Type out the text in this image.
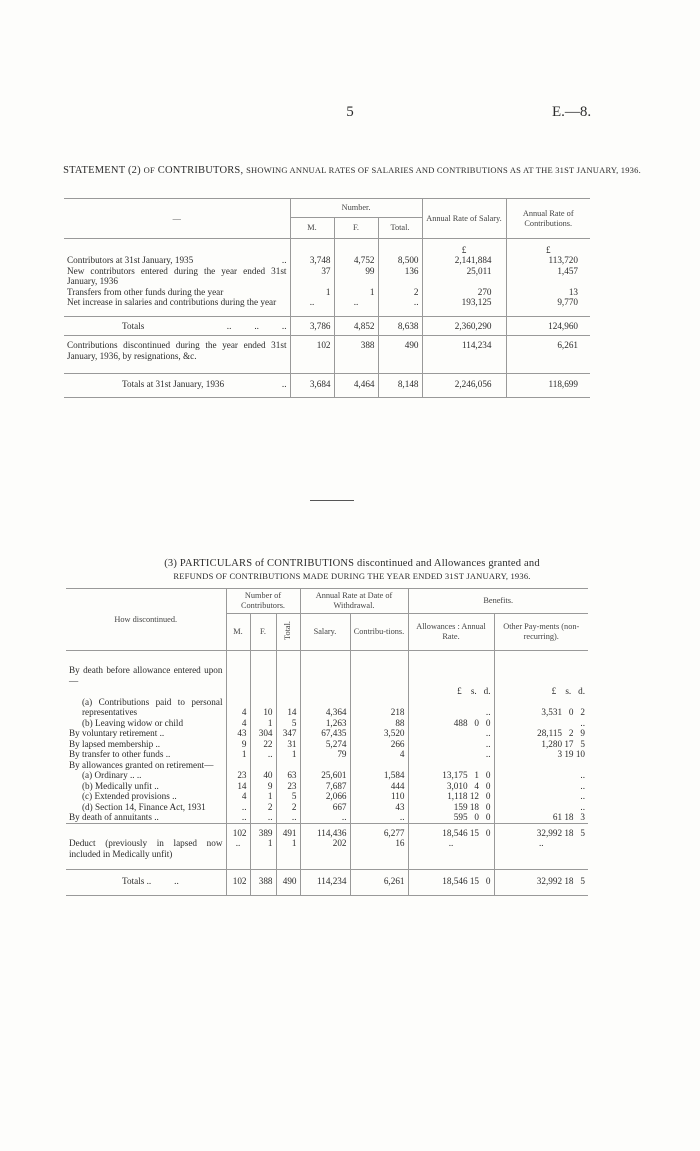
5	E.—8.
STATEMENT (2) OF CONTRIBUTORS, SHOWING ANNUAL RATES OF SALARIES AND CONTRIBUTIONS AS AT THE 31ST JANUARY, 1936.
—	Number.			Annual Rate of Salary.	Annual Rate of Contributions.
	M.	F.	Total.		
				£	£
Contributors at 31st January, 1935 ..	3,748	4,752	8,500	2,141,884	113,720
New contributors entered during the year ended 31st January, 1936	37	99	136	25,011	1,457
Transfers from other funds during the year	1	1	2	270	13
Net increase in salaries and contributions during the year	..	..	..	193,125	9,770

Totals ..          ..          ..	3,786	4,852	8,638	2,360,290	124,960
Contributions discontinued during the year ended 31st January, 1936, by resignations, &c.	102	388	490	114,234	6,261
Totals at 31st January, 1936 ..	3,684	4,464	8,148	2,246,056	118,699
(3) PARTICULARS of CONTRIBUTIONS discontinued and Allowances granted and
REFUNDS OF CONTRIBUTIONS MADE DURING THE YEAR ENDED 31ST JANUARY, 1936.
How discontinued.	Number of Contributors.			Annual Rate at Date of Withdrawal.		Benefits.	
	M.	F.	Total.	Salary.	Contribu-tions.	Allowances : Annual Rate.	Other Pay-ments (non-recurring).

By death before allowance entered upon—							
						£    s.   d.	£    s.   d.
(a) Contributions paid to personal representatives	4	10	14	4,364	218	..	3,531   0   2
(b) Leaving widow or child	4	1	5	1,263	88	488   0   0	..
By voluntary retirement ..	43	304	347	67,435	3,520	..	28,115   2   9
By lapsed membership ..	9	22	31	5,274	266	..	1,280 17   5
By transfer to other funds ..	1	..	1	79	4	..	3 19 10
By allowances granted on retirement—							
(a) Ordinary .. ..	23	40	63	25,601	1,584	13,175   1   0	..
(b) Medically unfit ..	14	9	23	7,687	444	3,010   4   0	..
(c) Extended provisions ..	4	1	5	2,066	110	1,118 12   0	..
(d) Section 14, Finance Act, 1931	..	2	2	667	43	159 18   0	..
By death of annuitants ..	..	..	..	..	..	595   0   0	61 18   3
	102	389	491	114,436	6,277	18,546 15   0	32,992 18   5
Deduct (previously in lapsed now included in Medically unfit)	..	1	1	202	16	..	..
Totals ..          ..	102	388	490	114,234	6,261	18,546 15   0	32,992 18   5
